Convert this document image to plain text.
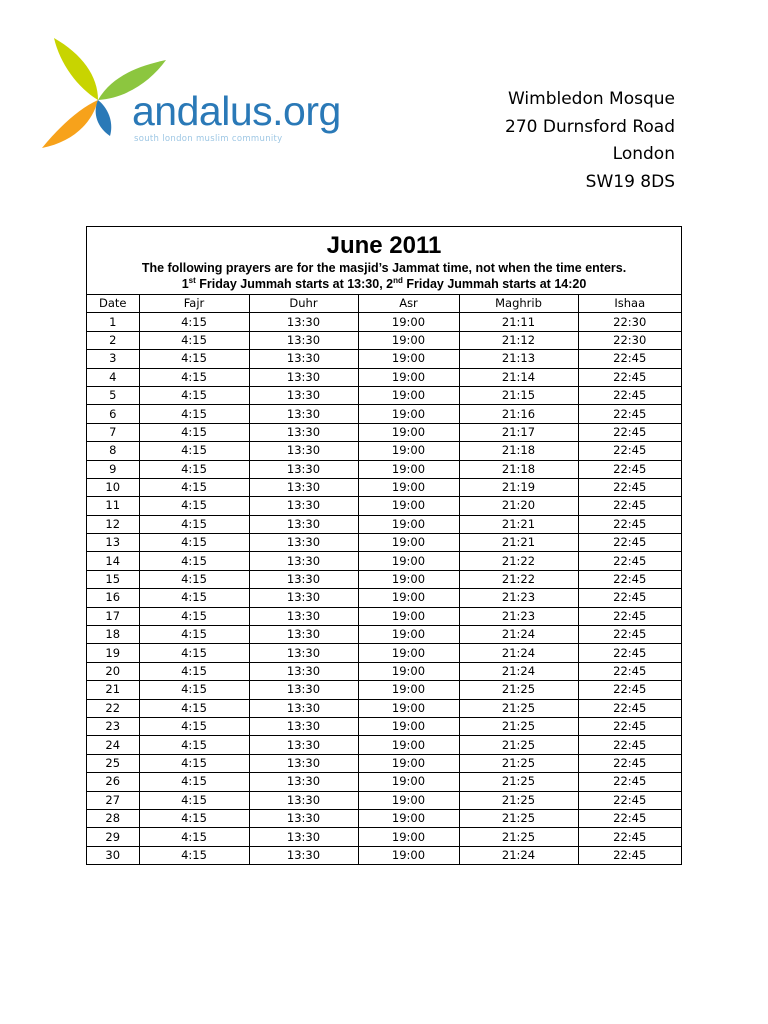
andalus.org
south london muslim community
Wimbledon Mosque
270 Durnsford Road
London
SW19 8DS
June 2011
The following prayers are for the masjid’s Jammat time, not when the time enters.
1st Friday Jummah starts at 13:30, 2nd Friday Jummah starts at 14:20
Date	Fajr	Duhr	Asr	Maghrib	Ishaa
1	4:15	13:30	19:00	21:11	22:30
2	4:15	13:30	19:00	21:12	22:30
3	4:15	13:30	19:00	21:13	22:45
4	4:15	13:30	19:00	21:14	22:45
5	4:15	13:30	19:00	21:15	22:45
6	4:15	13:30	19:00	21:16	22:45
7	4:15	13:30	19:00	21:17	22:45
8	4:15	13:30	19:00	21:18	22:45
9	4:15	13:30	19:00	21:18	22:45
10	4:15	13:30	19:00	21:19	22:45
11	4:15	13:30	19:00	21:20	22:45
12	4:15	13:30	19:00	21:21	22:45
13	4:15	13:30	19:00	21:21	22:45
14	4:15	13:30	19:00	21:22	22:45
15	4:15	13:30	19:00	21:22	22:45
16	4:15	13:30	19:00	21:23	22:45
17	4:15	13:30	19:00	21:23	22:45
18	4:15	13:30	19:00	21:24	22:45
19	4:15	13:30	19:00	21:24	22:45
20	4:15	13:30	19:00	21:24	22:45
21	4:15	13:30	19:00	21:25	22:45
22	4:15	13:30	19:00	21:25	22:45
23	4:15	13:30	19:00	21:25	22:45
24	4:15	13:30	19:00	21:25	22:45
25	4:15	13:30	19:00	21:25	22:45
26	4:15	13:30	19:00	21:25	22:45
27	4:15	13:30	19:00	21:25	22:45
28	4:15	13:30	19:00	21:25	22:45
29	4:15	13:30	19:00	21:25	22:45
30	4:15	13:30	19:00	21:24	22:45
